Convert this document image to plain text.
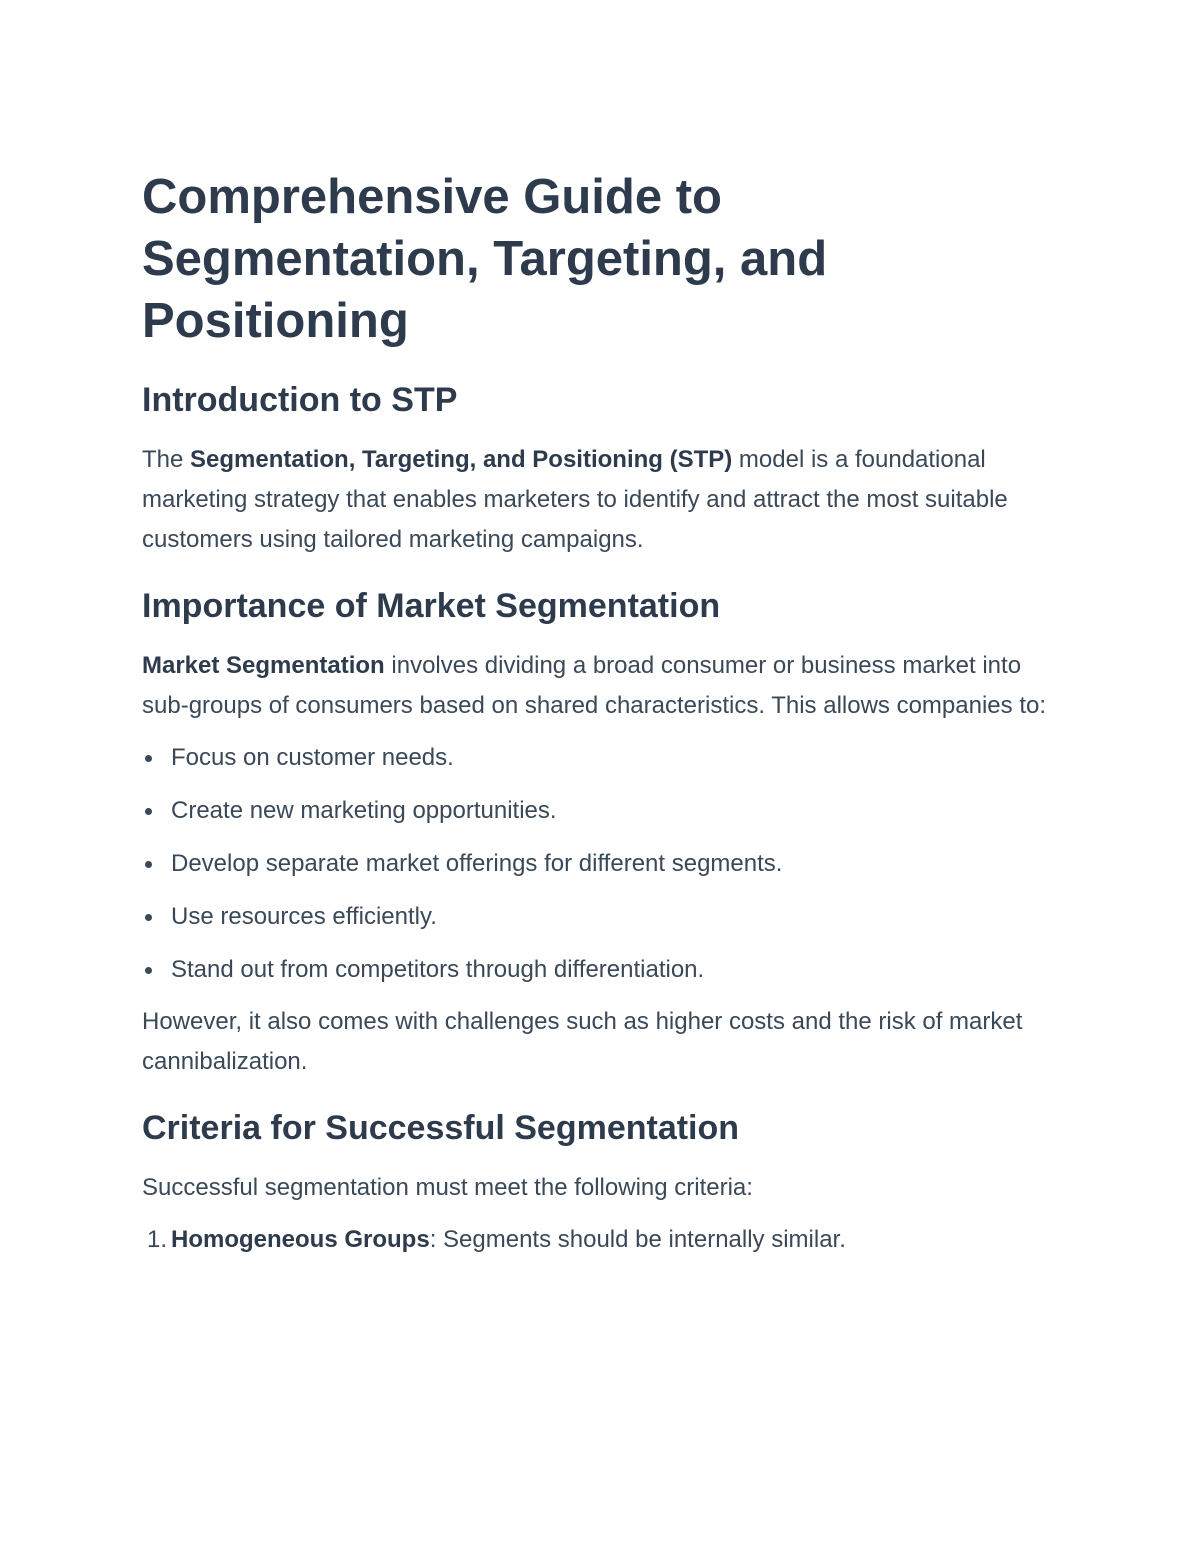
Comprehensive Guide to Segmentation, Targeting, and Positioning
Introduction to STP

The Segmentation, Targeting, and Positioning (STP) model is a foundational marketing strategy that enables marketers to identify and attract the most suitable customers using tailored marketing campaigns.

Importance of Market Segmentation

Market Segmentation involves dividing a broad consumer or business market into sub-groups of consumers based on shared characteristics. This allows companies to:

Focus on customer needs.
Create new marketing opportunities.
Develop separate market offerings for different segments.
Use resources efficiently.
Stand out from competitors through differentiation.

However, it also comes with challenges such as higher costs and the risk of market cannibalization.

Criteria for Successful Segmentation

Successful segmentation must meet the following criteria:

1. Homogeneous Groups: Segments should be internally similar.
